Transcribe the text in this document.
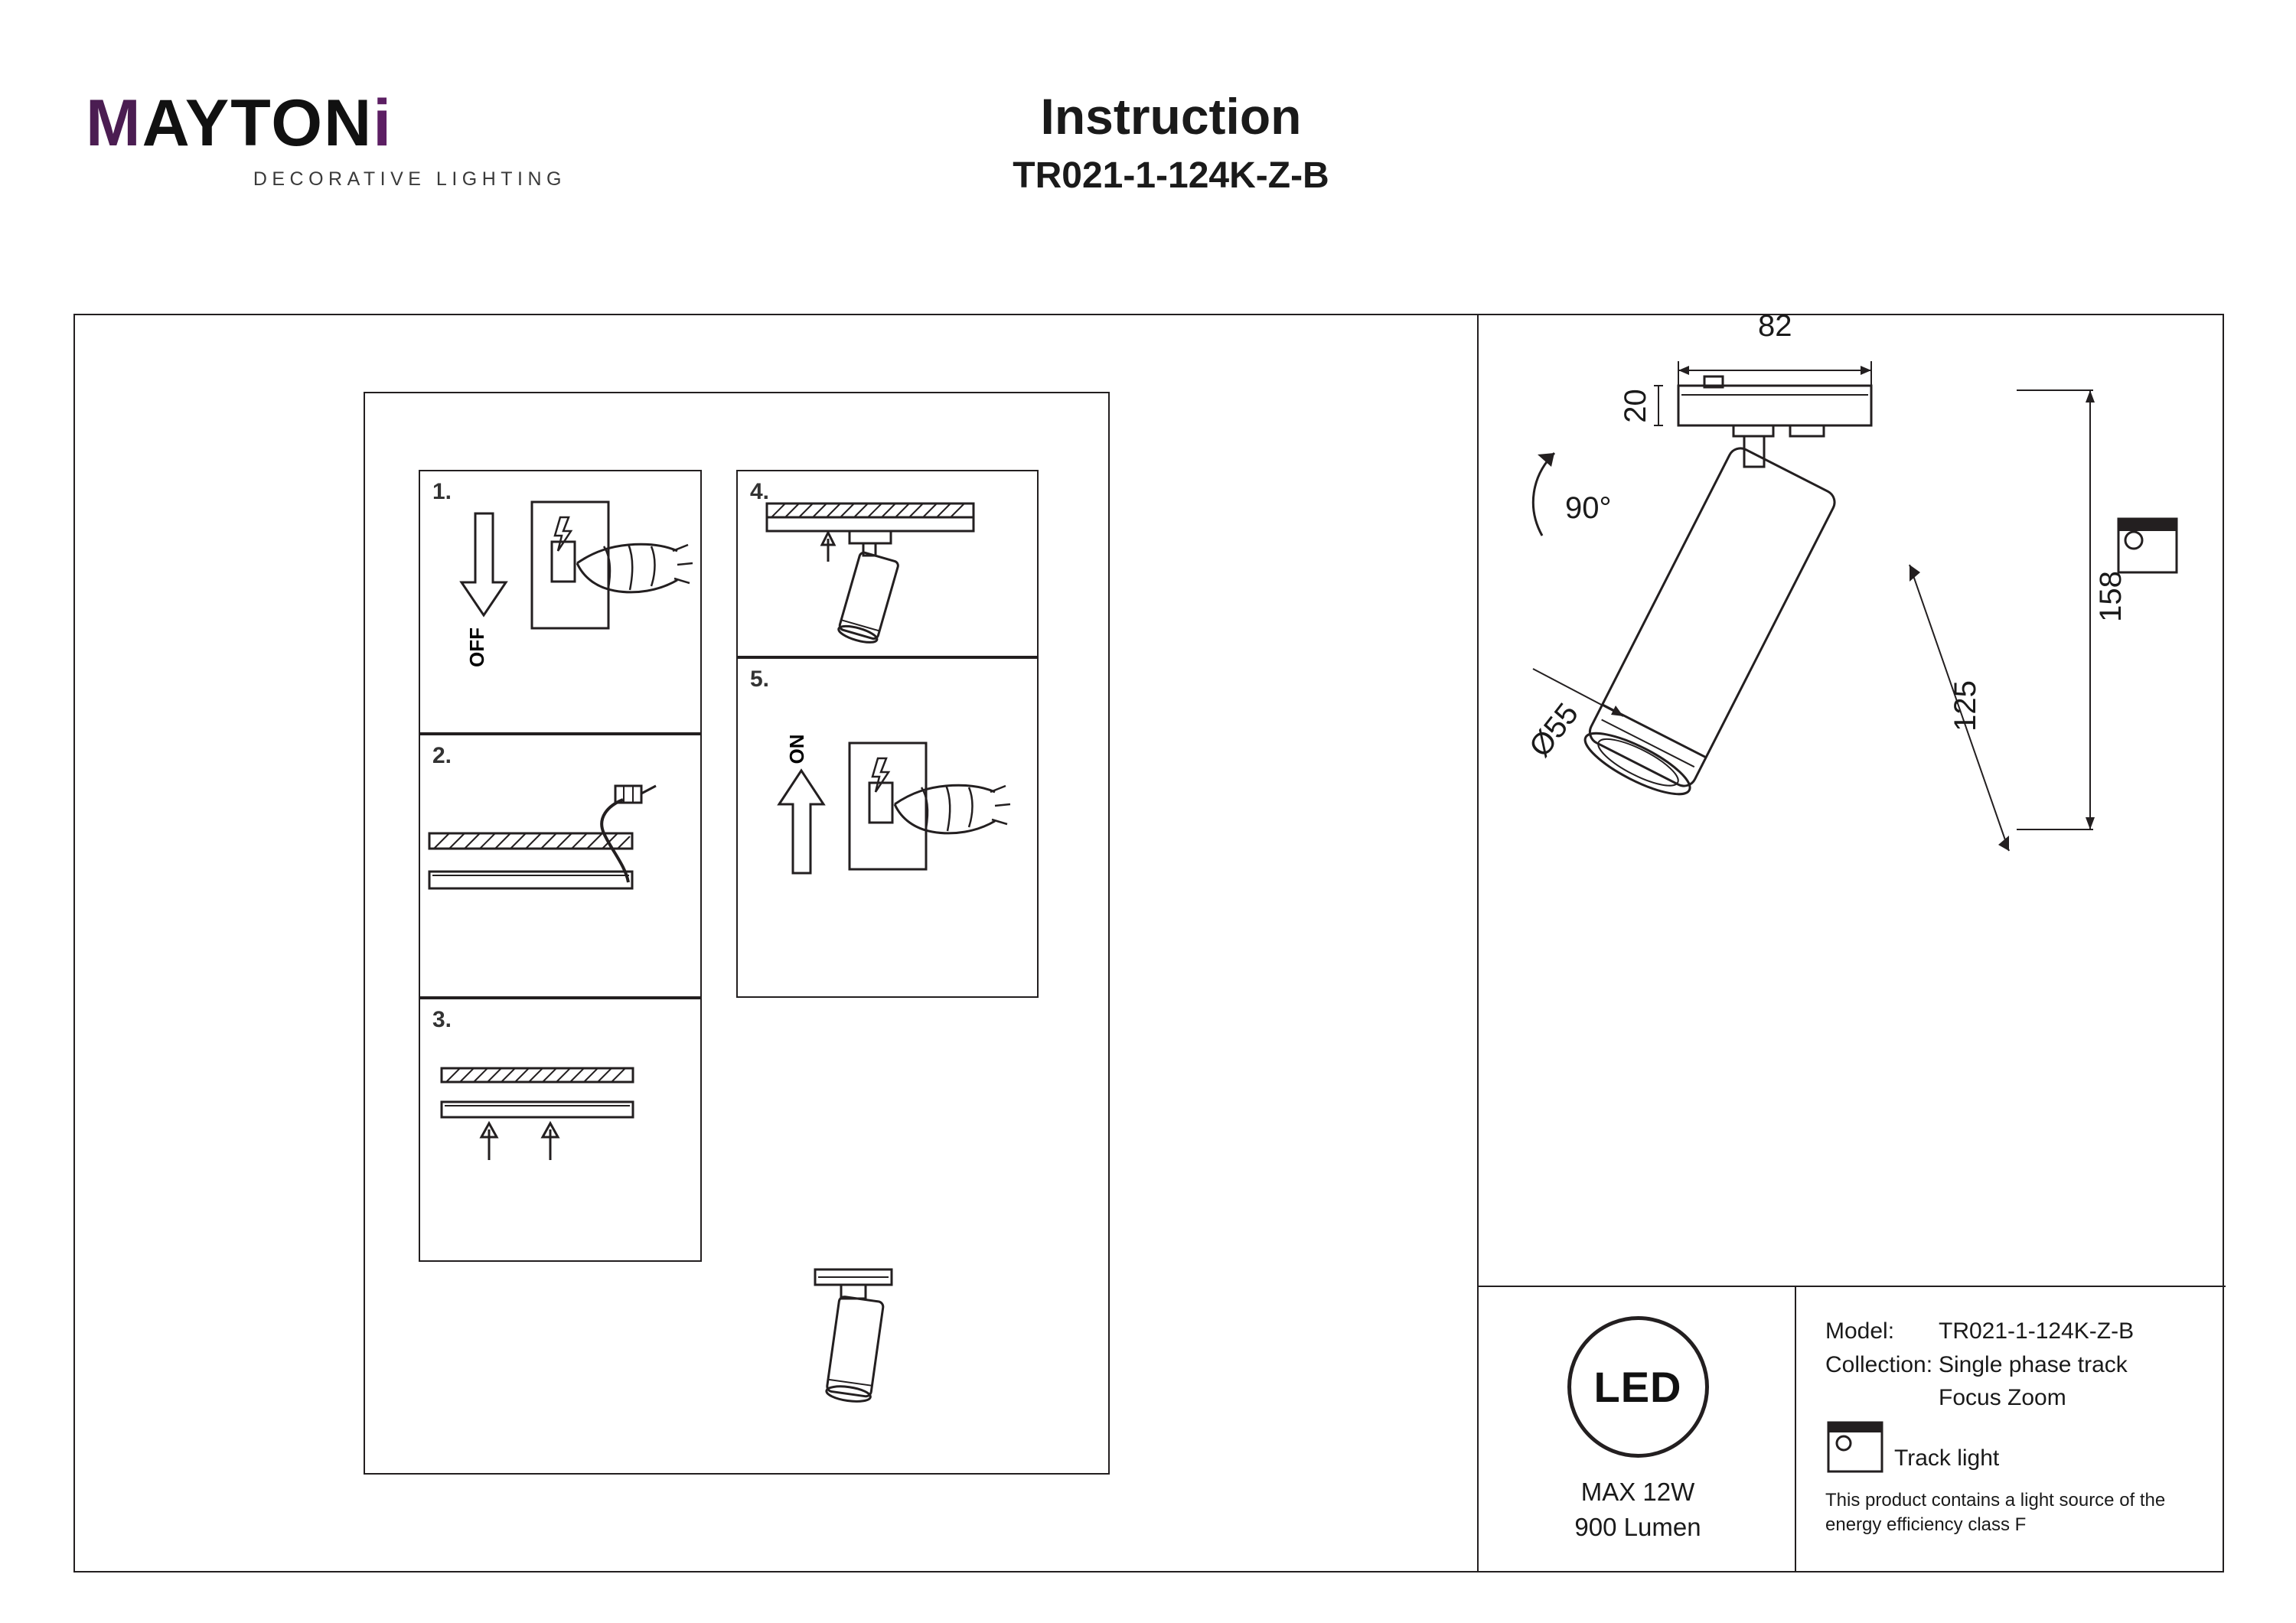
MAYTONi
DECORATIVE LIGHTING
Instruction
TR021-1-124K-Z-B
1.
OFF
2.
3.
4.
5.
ON
82
20
158
125
Ø55
90°
LED
MAX 12W
900 Lumen
Model:	TR021-1-124K-Z-B
Collection: Single phase track
Focus Zoom
Track light
This product contains a light source of the energy efficiency class F
